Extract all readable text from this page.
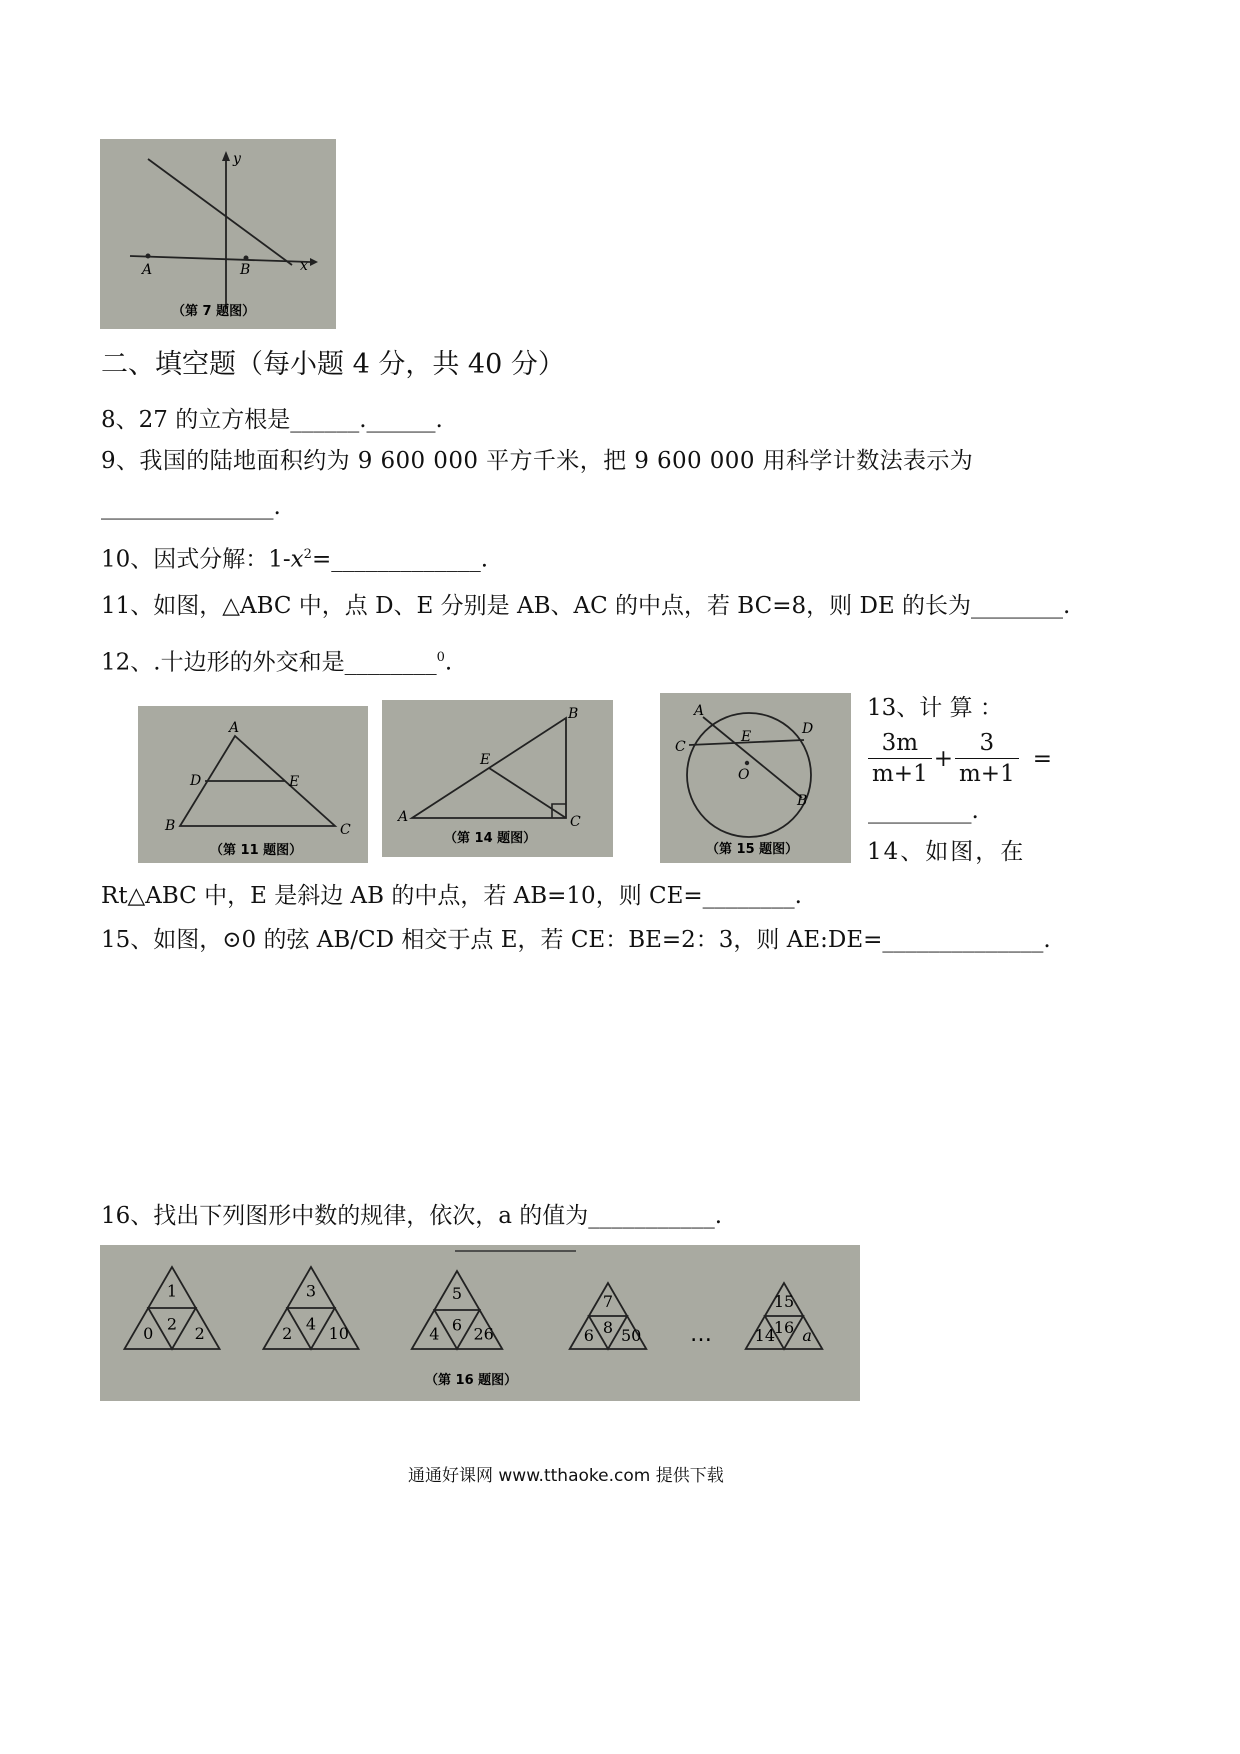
y
x
A	B
（第 7 题图）
二、填空题（每小题 4 分，共 40 分）
8、27 的立方根是______.______.
9、我国的陆地面积约为 9 600 000 平方千米，把 9 600 000 用科学计数法表示为
_______________.
10、因式分解：$1-x^2=\_\_\_\_\_\_\_\_\_\_\_\_\_$.
11、如图，△ABC 中，点 D、E 分别是 AB、AC 的中点，若 BC=8，则 DE 的长为________.
12、.十边形的外交和是________$^0$.
A
B	C
D	E
（第 11 题图）
A
B
C
E
（第 14 题图）
A
B
C
D
E
O
（第 15 题图）
13、计 算 ：
$\frac{3m}{m+1} + \frac{3}{m+1}$ =
_________.
14、如图，在
Rt△ABC 中，E 是斜边 AB 的中点，若 AB=10，则 CE=________.
15、如图，⊙0 的弦 AB/CD 相交于点 E，若 CE：BE=2：3，则 AE:DE=______________.
16、找出下列图形中数的规律，依次，a 的值为___________.
1
0
2
2
3
2
4
10
5
4 6 26
7
6 8 50
15
14
16 a
…
（第 16 题图）
通通好课网 www.tthaoke.com 提供下载
